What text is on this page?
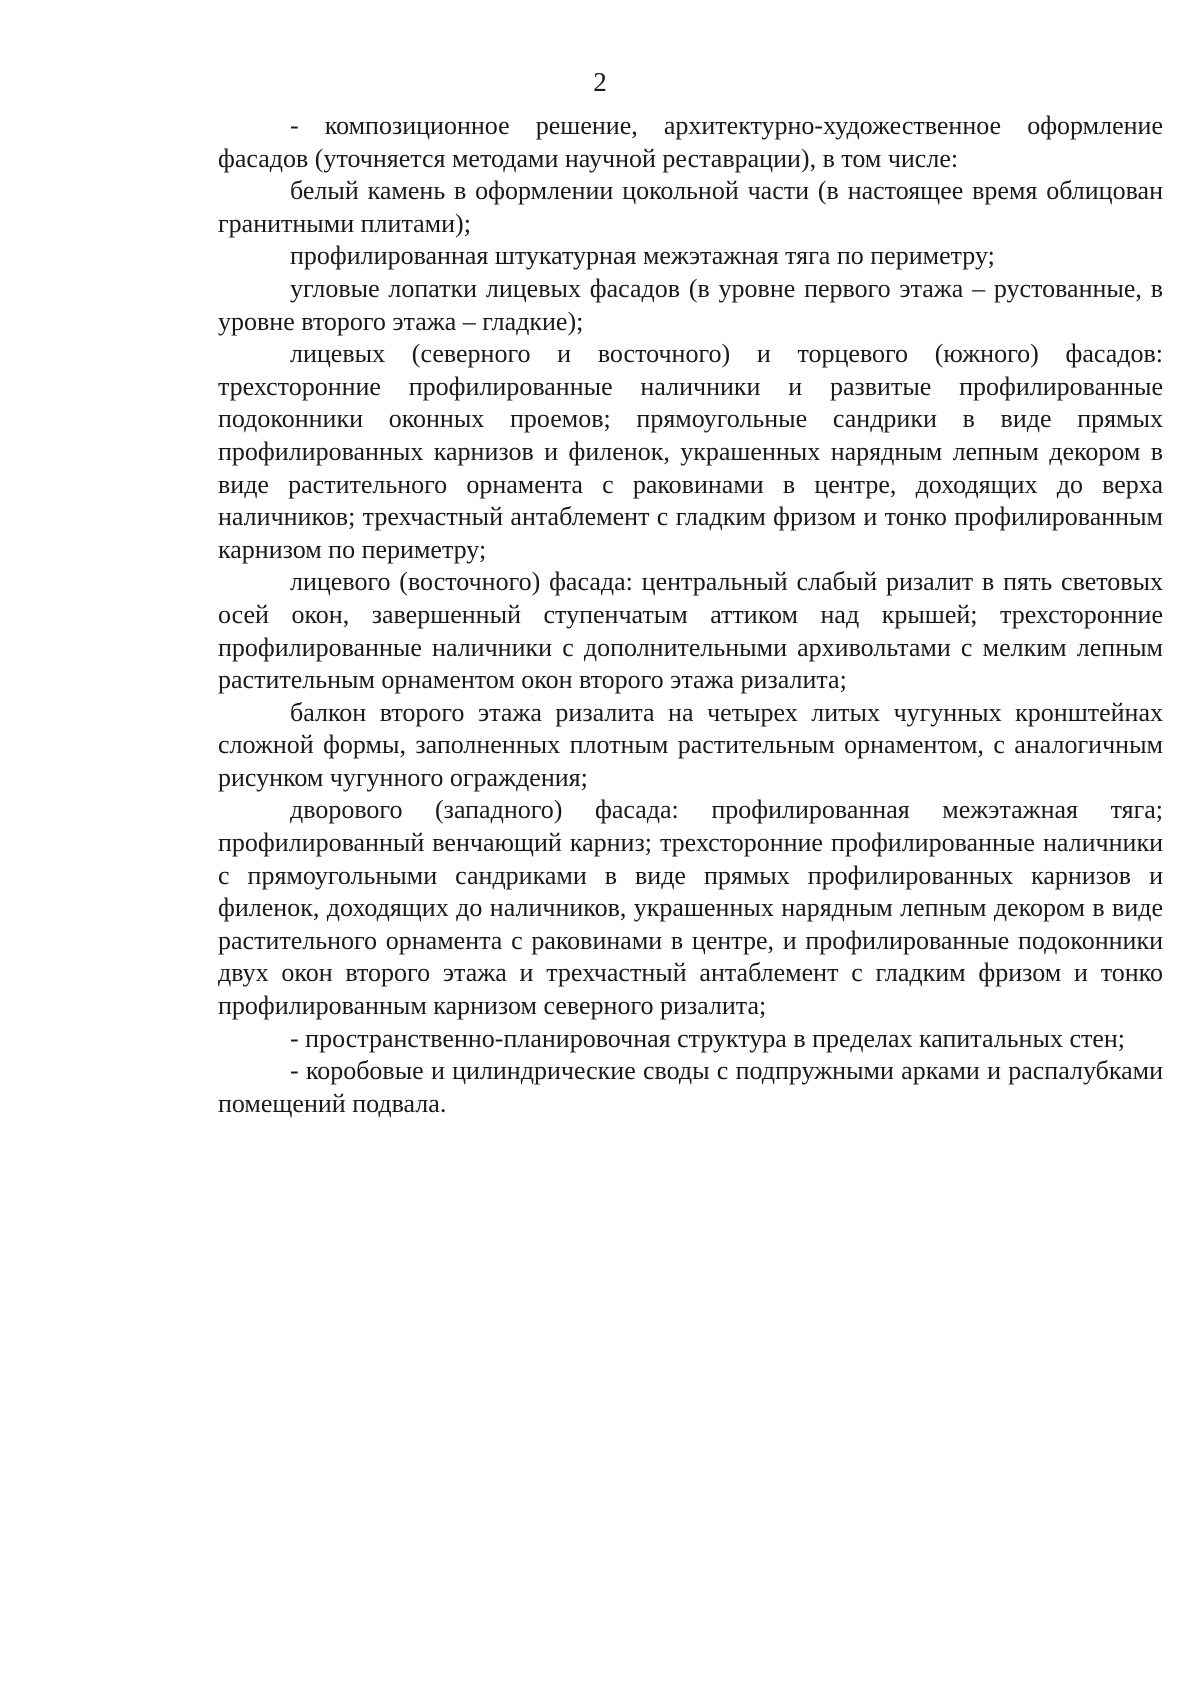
2

- композиционное решение, архитектурно-художественное оформление фасадов (уточняется методами научной реставрации), в том числе:

белый камень в оформлении цокольной части (в настоящее время облицован гранитными плитами);

профилированная штукатурная межэтажная тяга по периметру;

угловые лопатки лицевых фасадов (в уровне первого этажа – рустованные, в уровне второго этажа – гладкие);

лицевых (северного и восточного) и торцевого (южного) фасадов: трехсторонние профилированные наличники и развитые профилированные подоконники оконных проемов; прямоугольные сандрики в виде прямых профилированных карнизов и филенок, украшенных нарядным лепным декором в виде растительного орнамента с раковинами в центре, доходящих до верха наличников; трехчастный антаблемент с гладким фризом и тонко профилированным карнизом по периметру;

лицевого (восточного) фасада: центральный слабый ризалит в пять световых осей окон, завершенный ступенчатым аттиком над крышей; трехсторонние профилированные наличники с дополнительными архивольтами с мелким лепным растительным орнаментом окон второго этажа ризалита;

балкон второго этажа ризалита на четырех литых чугунных кронштейнах сложной формы, заполненных плотным растительным орнаментом, с аналогичным рисунком чугунного ограждения;

дворового (западного) фасада: профилированная межэтажная тяга; профилированный венчающий карниз; трехсторонние профилированные наличники с прямоугольными сандриками в виде прямых профилированных карнизов и филенок, доходящих до наличников, украшенных нарядным лепным декором в виде растительного орнамента с раковинами в центре, и профилированные подоконники двух окон второго этажа и трехчастный антаблемент с гладким фризом и тонко профилированным карнизом северного ризалита;

- пространственно-планировочная структура в пределах капитальных стен;

- коробовые и цилиндрические своды с подпружными арками и распалубками помещений подвала.
